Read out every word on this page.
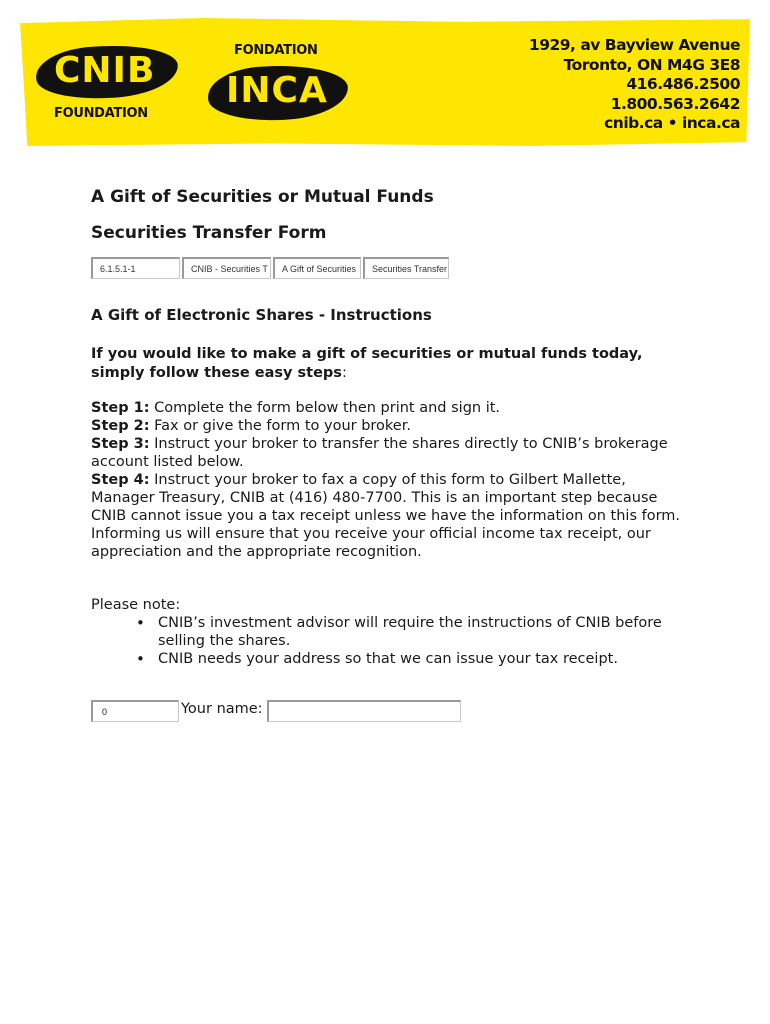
CNIB
FOUNDATION
FONDATION
INCA
1929, av Bayview Avenue
Toronto, ON M4G 3E8
416.486.2500
1.800.563.2642
cnib.ca • inca.ca
A Gift of Securities or Mutual Funds
Securities Transfer Form
6.1.5.1-1	CNIB - Securities T	A Gift of Securities	Securities Transfer
A Gift of Electronic Shares - Instructions
If you would like to make a gift of securities or mutual funds today, simply follow these easy steps:
Step 1: Complete the form below then print and sign it.
Step 2: Fax or give the form to your broker.
Step 3: Instruct your broker to transfer the shares directly to CNIB’s brokerage account listed below.
Step 4: Instruct your broker to fax a copy of this form to Gilbert Mallette, Manager Treasury, CNIB at (416) 480-7700. This is an important step because CNIB cannot issue you a tax receipt unless we have the information on this form. Informing us will ensure that you receive your official income tax receipt, our appreciation and the appropriate recognition.
Please note:
• CNIB’s investment advisor will require the instructions of CNIB before selling the shares.
• CNIB needs your address so that we can issue your tax receipt.
0	Your name:
